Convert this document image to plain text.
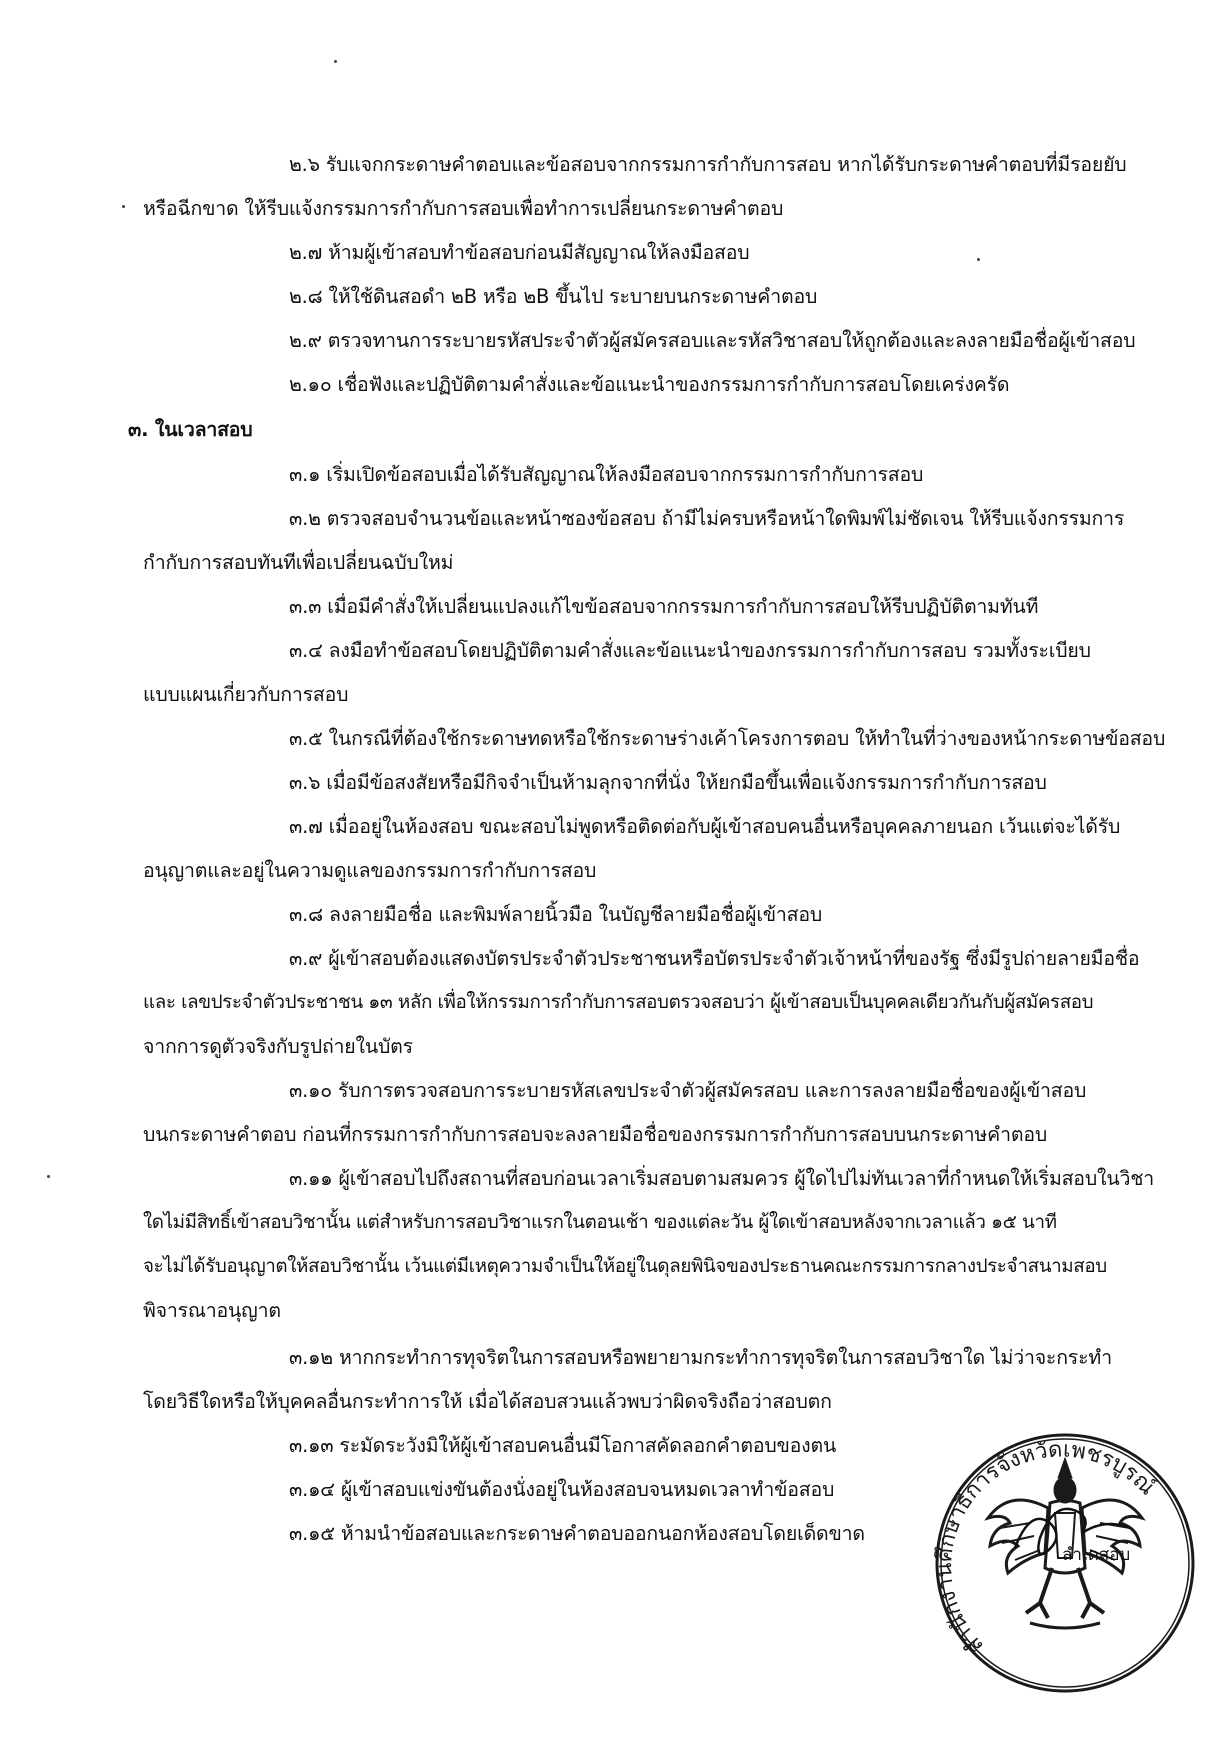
๒.๖ รับแจกกระดาษคำตอบและข้อสอบจากกรรมการกำกับการสอบ หากได้รับกระดาษคำตอบที่มีรอยยับ
หรือฉีกขาด ให้รีบแจ้งกรรมการกำกับการสอบเพื่อทำการเปลี่ยนกระดาษคำตอบ
๒.๗ ห้ามผู้เข้าสอบทำข้อสอบก่อนมีสัญญาณให้ลงมือสอบ
๒.๘ ให้ใช้ดินสอดำ ๒B หรือ ๒B ขึ้นไป ระบายบนกระดาษคำตอบ
๒.๙ ตรวจทานการระบายรหัสประจำตัวผู้สมัครสอบและรหัสวิชาสอบให้ถูกต้องและลงลายมือชื่อผู้เข้าสอบ
๒.๑๐ เชื่อฟังและปฏิบัติตามคำสั่งและข้อแนะนำของกรรมการกำกับการสอบโดยเคร่งครัด
๓. ในเวลาสอบ
๓.๑ เริ่มเปิดข้อสอบเมื่อได้รับสัญญาณให้ลงมือสอบจากกรรมการกำกับการสอบ
๓.๒ ตรวจสอบจำนวนข้อและหน้าซองข้อสอบ ถ้ามีไม่ครบหรือหน้าใดพิมพ์ไม่ชัดเจน ให้รีบแจ้งกรรมการ
กำกับการสอบทันทีเพื่อเปลี่ยนฉบับใหม่
๓.๓ เมื่อมีคำสั่งให้เปลี่ยนแปลงแก้ไขข้อสอบจากกรรมการกำกับการสอบให้รีบปฏิบัติตามทันที
๓.๔ ลงมือทำข้อสอบโดยปฏิบัติตามคำสั่งและข้อแนะนำของกรรมการกำกับการสอบ รวมทั้งระเบียบ
แบบแผนเกี่ยวกับการสอบ
๓.๕ ในกรณีที่ต้องใช้กระดาษทดหรือใช้กระดาษร่างเค้าโครงการตอบ ให้ทำในที่ว่างของหน้ากระดาษข้อสอบ
๓.๖ เมื่อมีข้อสงสัยหรือมีกิจจำเป็นห้ามลุกจากที่นั่ง ให้ยกมือขึ้นเพื่อแจ้งกรรมการกำกับการสอบ
๓.๗ เมื่ออยู่ในห้องสอบ ขณะสอบไม่พูดหรือติดต่อกับผู้เข้าสอบคนอื่นหรือบุคคลภายนอก เว้นแต่จะได้รับ
อนุญาตและอยู่ในความดูแลของกรรมการกำกับการสอบ
๓.๘ ลงลายมือชื่อ และพิมพ์ลายนิ้วมือ ในบัญชีลายมือชื่อผู้เข้าสอบ
๓.๙ ผู้เข้าสอบต้องแสดงบัตรประจำตัวประชาชนหรือบัตรประจำตัวเจ้าหน้าที่ของรัฐ ซึ่งมีรูปถ่ายลายมือชื่อ
และ เลขประจำตัวประชาชน ๑๓ หลัก เพื่อให้กรรมการกำกับการสอบตรวจสอบว่า ผู้เข้าสอบเป็นบุคคลเดียวกันกับผู้สมัครสอบ
จากการดูตัวจริงกับรูปถ่ายในบัตร
๓.๑๐ รับการตรวจสอบการระบายรหัสเลขประจำตัวผู้สมัครสอบ และการลงลายมือชื่อของผู้เข้าสอบ
บนกระดาษคำตอบ ก่อนที่กรรมการกำกับการสอบจะลงลายมือชื่อของกรรมการกำกับการสอบบนกระดาษคำตอบ
๓.๑๑ ผู้เข้าสอบไปถึงสถานที่สอบก่อนเวลาเริ่มสอบตามสมควร ผู้ใดไปไม่ทันเวลาที่กำหนดให้เริ่มสอบในวิชา
ใดไม่มีสิทธิ์เข้าสอบวิชานั้น แต่สำหรับการสอบวิชาแรกในตอนเช้า ของแต่ละวัน ผู้ใดเข้าสอบหลังจากเวลาแล้ว ๑๕ นาที
จะไม่ได้รับอนุญาตให้สอบวิชานั้น เว้นแต่มีเหตุความจำเป็นให้อยู่ในดุลยพินิจของประธานคณะกรรมการกลางประจำสนามสอบ
พิจารณาอนุญาต
๓.๑๒ หากกระทำการทุจริตในการสอบหรือพยายามกระทำการทุจริตในการสอบวิชาใด ไม่ว่าจะกระทำ
โดยวิธีใดหรือให้บุคคลอื่นกระทำการให้ เมื่อได้สอบสวนแล้วพบว่าผิดจริงถือว่าสอบตก
๓.๑๓ ระมัดระวังมิให้ผู้เข้าสอบคนอื่นมีโอกาสคัดลอกคำตอบของตน
๓.๑๔ ผู้เข้าสอบแข่งขันต้องนั่งอยู่ในห้องสอบจนหมดเวลาทำข้อสอบ
๓.๑๕ ห้ามนำข้อสอบและกระดาษคำตอบออกนอกห้องสอบโดยเด็ดขาด
สำนักงานศึกษาธิการจังหวัดเพชรบูรณ์
ลำเดสอบ
